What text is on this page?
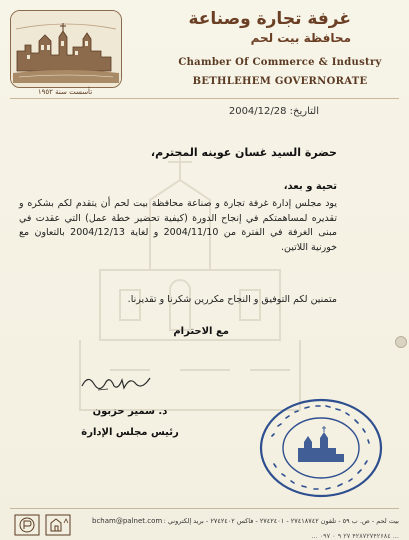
تأسست سنة ١٩٥٢
غرفة تجارة وصناعة
محافظة بيت لحم
Chamber Of Commerce & Industry
BETHLEHEM GOVERNORATE
التاريخ: 2004/12/28
حضرة السيد غسان عوينه المحترم،
تحية و بعد،
يود مجلس إدارة غرفة تجارة و صناعة محافظة بيت لحم أن يتقدم لكم بشكره و تقديره لمساهمتكم في إنجاح الدورة (كيفية تحضير خطة عمل) التي عقدت في مبنى الغرفة في الفترة من 2004/11/10 و لغاية 2004/12/13 بالتعاون مع خورنية اللاتين.
متمنين لكم التوفيق و النجاح مكررين شكرنا و تقديرنا.
مع الاحترام
د. سمير حزبون
رئيس مجلس الإدارة
bcham@palnet.com بيت لحم - ص. ب ٥٩ - تلفون ٢٧٤١٨٧٤٢ - ٢٧٤٢٤٠١ - فاكس ٢٧٤٢٤٠٢ - بريد إلكتروني :
... ۰۹۷ ۰ ۹ ۲۷ ۴۲۸۷۲۷۴۲۶۸٤ ...
